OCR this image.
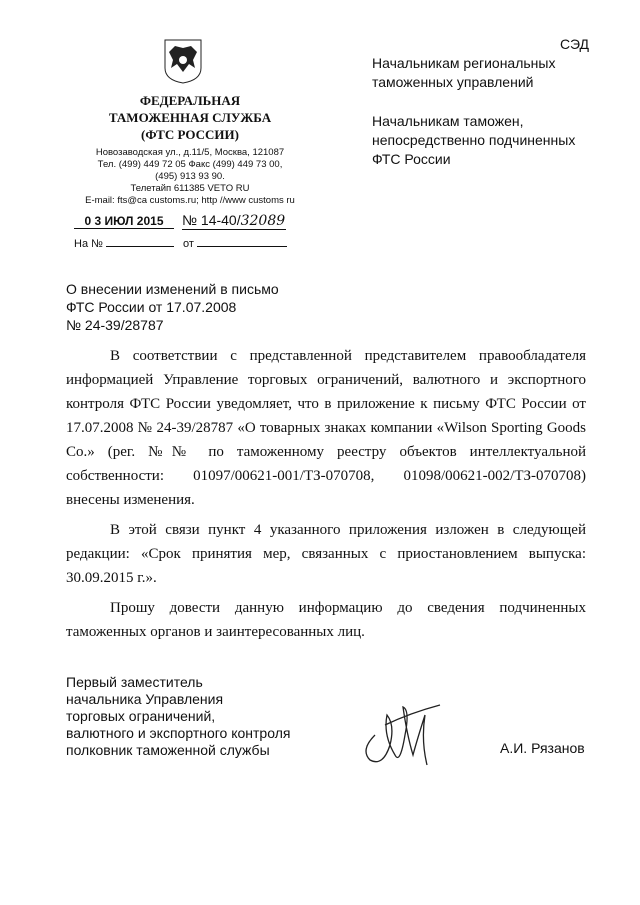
СЭД
ФЕДЕРАЛЬНАЯ
ТАМОЖЕННАЯ СЛУЖБА
(ФТС РОССИИ)
Новозаводская ул., д.11/5, Москва, 121087
Тел. (499) 449 72 05 Факс (499) 449 73 00,
(495) 913 93 90.
Телетайп 611385 VETO RU
E-mail: fts@ca customs.ru; http //www customs ru
0 3 ИЮЛ 2015	№ 14-40/32089
На №	от
Начальникам региональных
таможенных управлений
Начальникам таможен,
непосредственно подчиненных
ФТС России
О внесении изменений в письмо
ФТС России от 17.07.2008
№ 24-39/28787

В соответствии с представленной представителем правообладателя информацией Управление торговых ограничений, валютного и экспортного контроля ФТС России уведомляет, что в приложение к письму ФТС России от 17.07.2008 № 24-39/28787 «О товарных знаках компании «Wilson Sporting Goods Co.» (рег. №№ по таможенному реестру объектов интеллектуальной собственности: 01097/00621-001/ТЗ-070708, 01098/00621-002/ТЗ-070708) внесены изменения.

В этой связи пункт 4 указанного приложения изложен в следующей редакции: «Срок принятия мер, связанных с приостановлением выпуска: 30.09.2015 г.».

Прошу довести данную информацию до сведения подчиненных таможенных органов и заинтересованных лиц.

Первый заместитель
начальника Управления
торговых ограничений,
валютного и экспортного контроля
полковник таможенной службы	А.И. Рязанов
